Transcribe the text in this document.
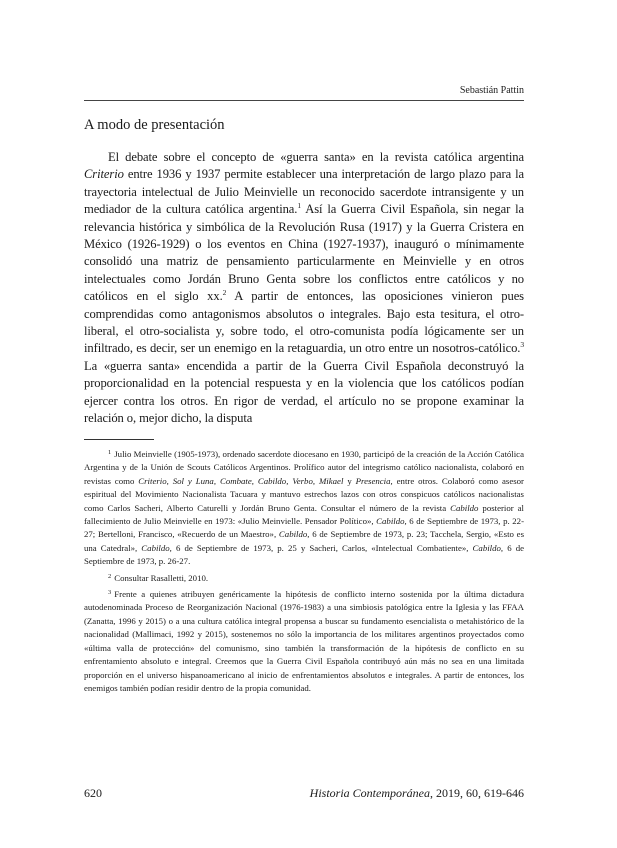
Sebastián Pattin
A modo de presentación

El debate sobre el concepto de «guerra santa» en la revista católica argentina Criterio entre 1936 y 1937 permite establecer una interpretación de largo plazo para la trayectoria intelectual de Julio Meinvielle un reconocido sacerdote intransigente y un mediador de la cultura católica argentina.$^1$ Así la Guerra Civil Española, sin negar la relevancia histórica y simbólica de la Revolución Rusa (1917) y la Guerra Cristera en México (1926-1929) o los eventos en China (1927-1937), inauguró o mínimamente consolidó una matriz de pensamiento particularmente en Meinvielle y en otros intelectuales como Jordán Bruno Genta sobre los conflictos entre católicos y no católicos en el siglo xx.$^2$ A partir de entonces, las oposiciones vinieron pues comprendidas como antagonismos absolutos o integrales. Bajo esta tesitura, el otro-liberal, el otro-socialista y, sobre todo, el otro-comunista podía lógicamente ser un infiltrado, es decir, ser un enemigo en la retaguardia, un otro entre un nosotros-católico.$^3$ La «guerra santa» encendida a partir de la Guerra Civil Española deconstruyó la proporcionalidad en la potencial respuesta y en la violencia que los católicos podían ejercer contra los otros. En rigor de verdad, el artículo no se propone examinar la relación o, mejor dicho, la disputa

$^1$ Julio Meinvielle (1905-1973), ordenado sacerdote diocesano en 1930, participó de la creación de la Acción Católica Argentina y de la Unión de Scouts Católicos Argentinos. Prolífico autor del integrismo católico nacionalista, colaboró en revistas como Criterio, Sol y Luna, Combate, Cabildo, Verbo, Mikael y Presencia, entre otros. Colaboró como asesor espiritual del Movimiento Nacionalista Tacuara y mantuvo estrechos lazos con otros conspicuos católicos nacionalistas como Carlos Sacheri, Alberto Caturelli y Jordán Bruno Genta. Consultar el número de la revista Cabildo posterior al fallecimiento de Julio Meinvielle en 1973: «Julio Meinvielle. Pensador Político», Cabildo, 6 de Septiembre de 1973, p. 22-27; Bertelloni, Francisco, «Recuerdo de un Maestro», Cabildo, 6 de Septiembre de 1973, p. 23; Tacchela, Sergio, «Esto es una Catedral», Cabildo, 6 de Septiembre de 1973, p. 25 y Sacheri, Carlos, «Intelectual Combatiente», Cabildo, 6 de Septiembre de 1973, p. 26-27.

$^2$ Consultar Rasalletti, 2010.

$^3$ Frente a quienes atribuyen genéricamente la hipótesis de conflicto interno sostenida por la última dictadura autodenominada Proceso de Reorganización Nacional (1976-1983) a una simbiosis patológica entre la Iglesia y las FFAA (Zanatta, 1996 y 2015) o a una cultura católica integral propensa a buscar su fundamento esencialista o metahistórico de la nacionalidad (Mallimaci, 1992 y 2015), sostenemos no sólo la importancia de los militares argentinos proyectados como «última valla de protección» del comunismo, sino también la transformación de la hipótesis de conflicto en su enfrentamiento absoluto e integral. Creemos que la Guerra Civil Española contribuyó aún más no sea en una limitada proporción en el universo hispanoamericano al inicio de enfrentamientos absolutos e integrales. A partir de entonces, los enemigos también podían residir dentro de la propia comunidad.

620	Historia Contemporánea, 2019, 60, 619-646
